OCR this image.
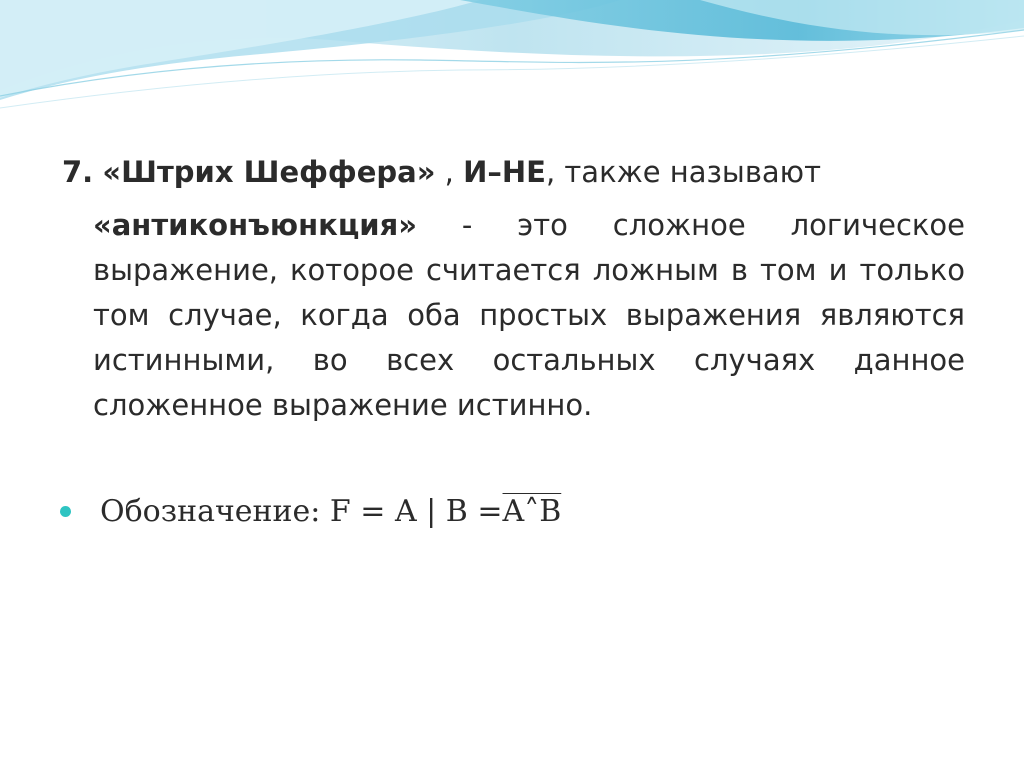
7. «Штрих Шеффера» , И–НЕ, также называют
«антиконъюнкция» - это сложное логическое выражение, которое считается ложным в том и только том случае, когда оба простых выражения являются истинными, во всех остальных случаях данное сложенное выражение истинно.
Обозначение: F = A | B =A˄B
